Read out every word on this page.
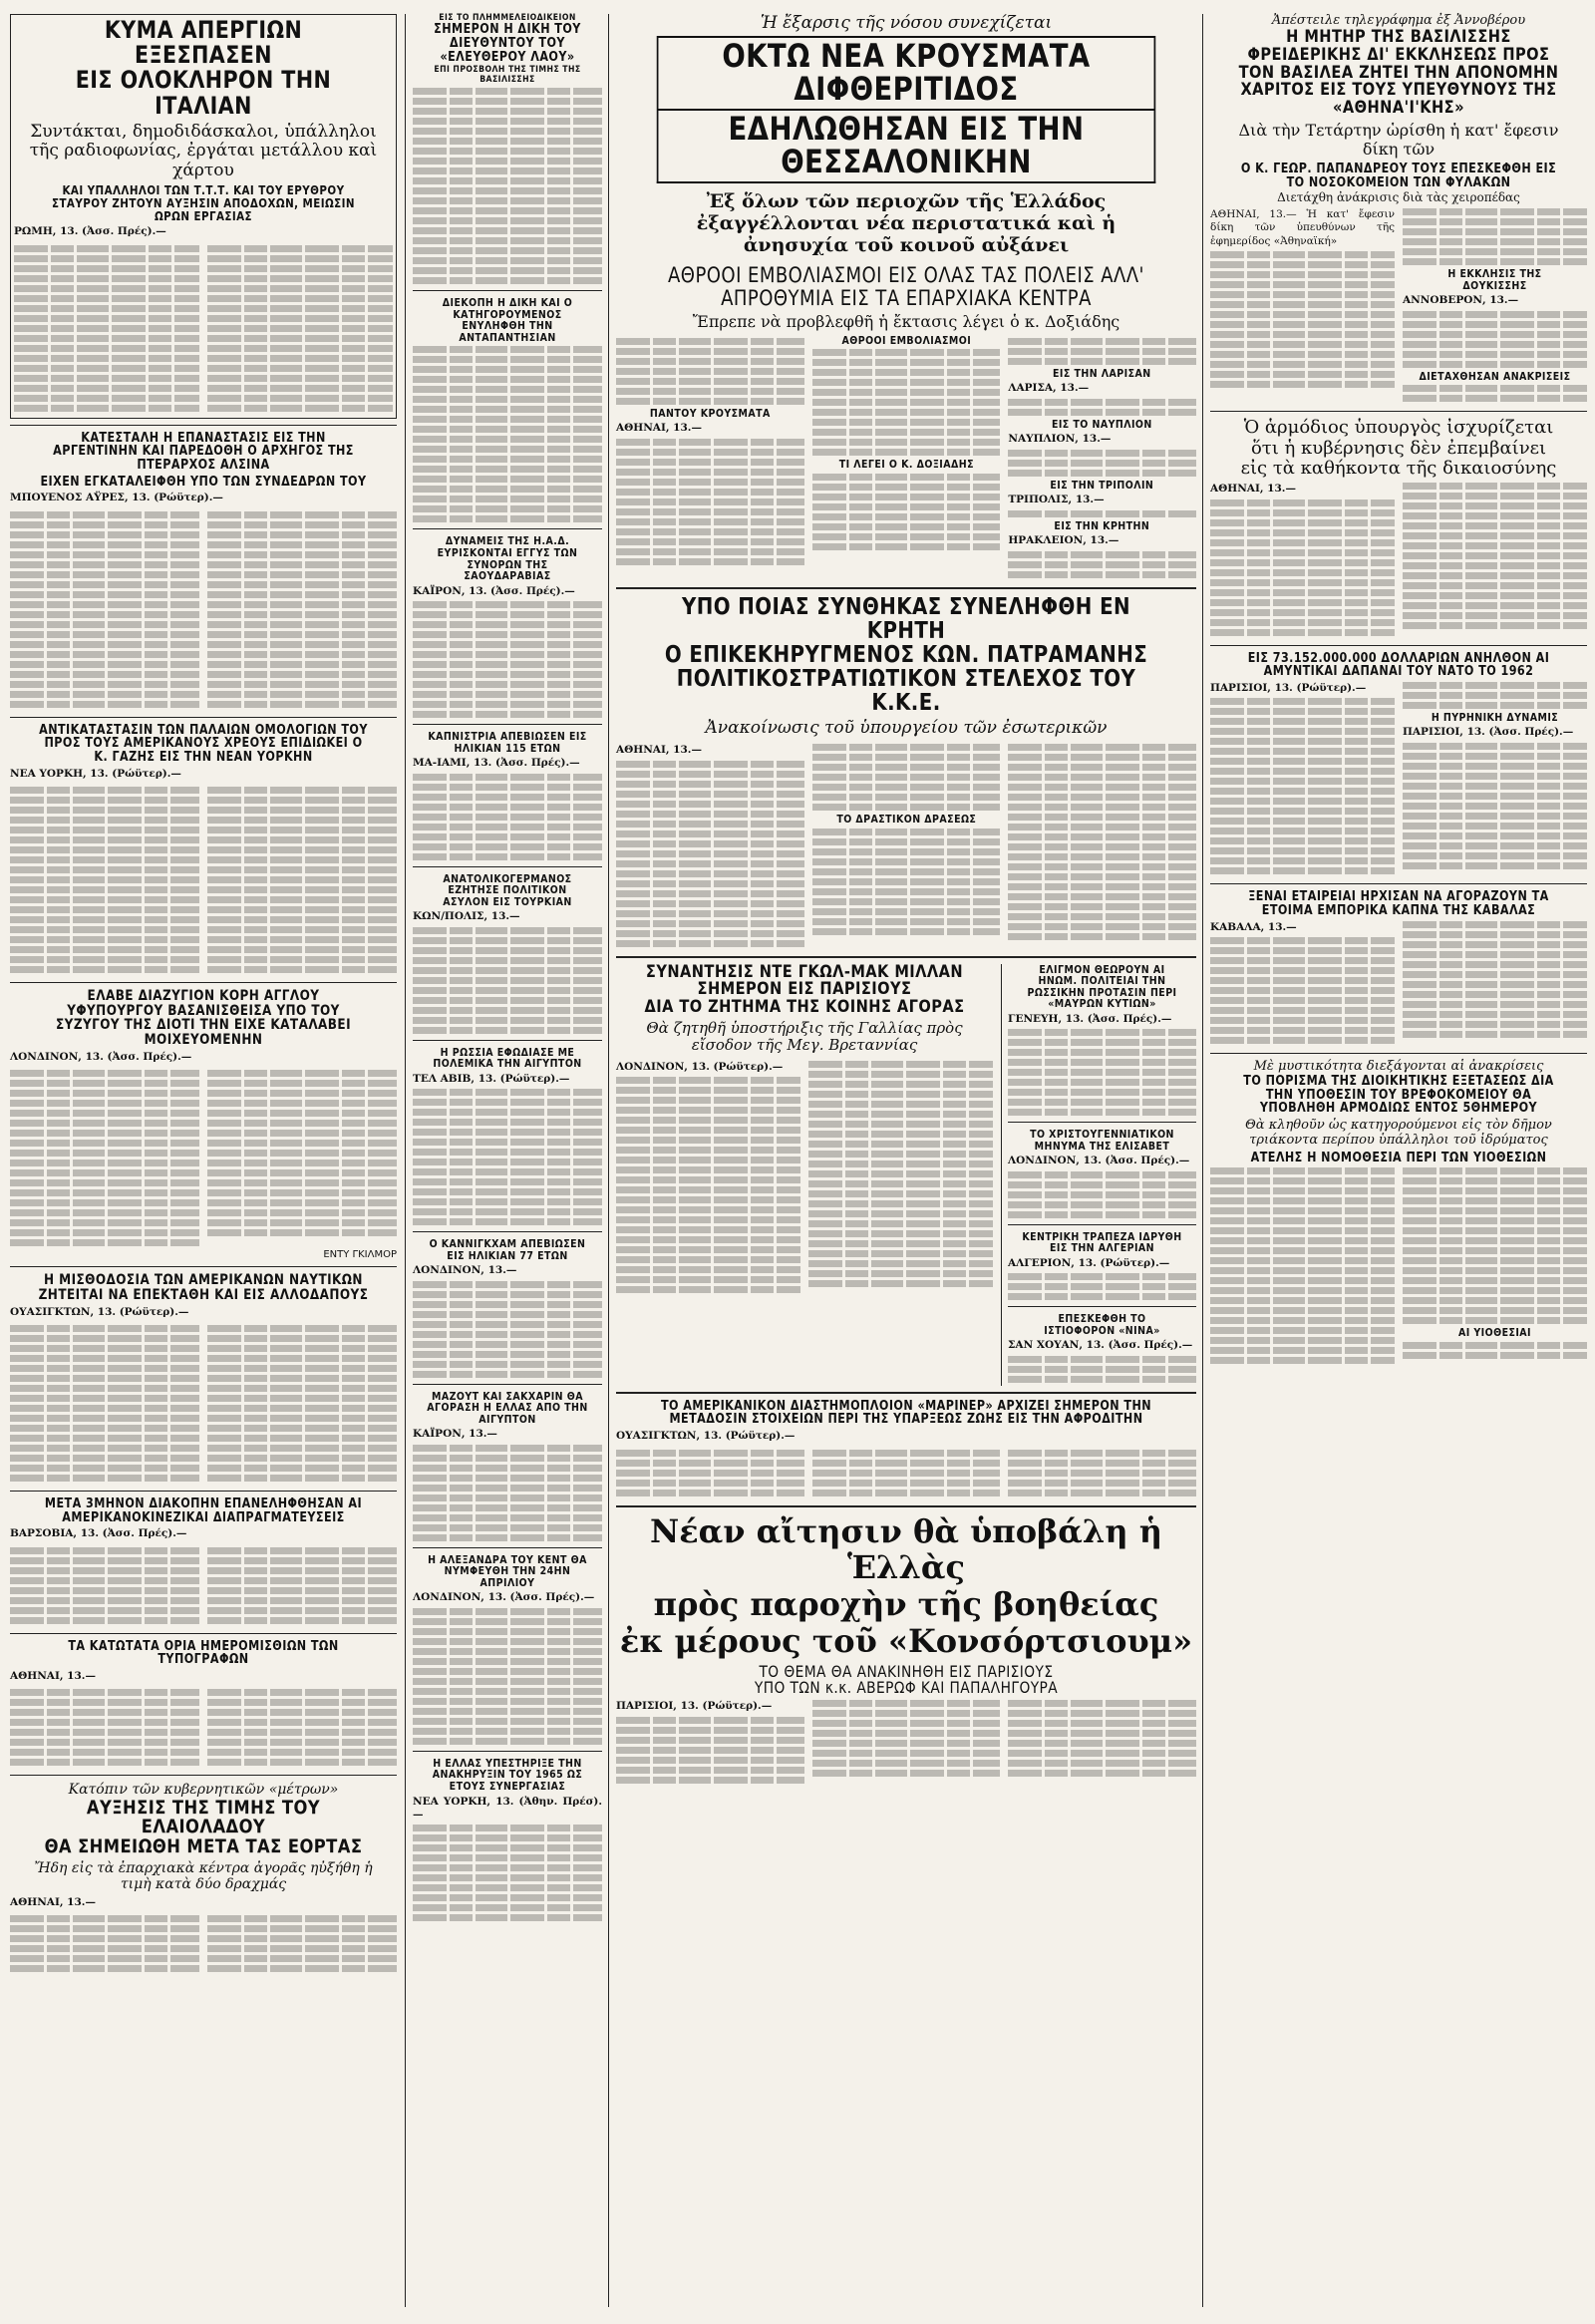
ΚΥΜΑ ΑΠΕΡΓΙΩΝ ΕΞΕΣΠΑΣΕΝ
ΕΙΣ ΟΛΟΚΛΗΡΟΝ ΤΗΝ ΙΤΑΛΙΑΝ
Συντάκται, δημοδιδάσκαλοι, ὑπάλληλοι τῆς ραδιοφωνίας, ἐργάται μετάλλου καὶ χάρτου
ΚΑΙ ΥΠΑΛΛΗΛΟΙ ΤΩΝ Τ.Τ.Τ. ΚΑΙ ΤΟΥ ΕΡΥΘΡΟΥ ΣΤΑΥΡΟΥ ΖΗΤΟΥΝ ΑΥΞΗΣΙΝ ΑΠΟΔΟΧΩΝ, ΜΕΙΩΣΙΝ ΩΡΩΝ ΕΡΓΑΣΙΑΣ
ΡΩΜΗ, 13. (Ἀσσ. Πρές).—
ΚΑΤΕΣΤΑΛΗ Η ΕΠΑΝΑΣΤΑΣΙΣ ΕΙΣ ΤΗΝ ΑΡΓΕΝΤΙΝΗΝ ΚΑΙ ΠΑΡΕΔΟΘΗ Ο ΑΡΧΗΓΟΣ ΤΗΣ ΠΤΕΡΑΡΧΟΣ ΑΛΣΙΝΑ
ΕΙΧΕΝ ΕΓΚΑΤΑΛΕΙΦΘΗ ΥΠΟ ΤΩΝ ΣΥΝΔΕΔΡΩΝ ΤΟΥ
ΜΠΟΥΕΝΟΣ ΑΫΡΕΣ, 13. (Ρώϋτερ).—
ΑΝΤΙΚΑΤΑΣΤΑΣΙΝ ΤΩΝ ΠΑΛΑΙΩΝ ΟΜΟΛΟΓΙΩΝ ΤΟΥ ΠΡΟΣ ΤΟΥΣ ΑΜΕΡΙΚΑΝΟΥΣ ΧΡΕΟΥΣ ΕΠΙΔΙΩΚΕΙ Ο Κ. ΓΑΖΗΣ ΕΙΣ ΤΗΝ ΝΕΑΝ ΥΟΡΚΗΝ
ΝΕΑ ΥΟΡΚΗ, 13. (Ρώϋτερ).—
ΕΛΑΒΕ ΔΙΑΖΥΓΙΟΝ ΚΟΡΗ ΑΓΓΛΟΥ ΥΦΥΠΟΥΡΓΟΥ ΒΑΣΑΝΙΣΘΕΙΣΑ ΥΠΟ ΤΟΥ ΣΥΖΥΓΟΥ ΤΗΣ ΔΙΟΤΙ ΤΗΝ ΕΙΧΕ ΚΑΤΑΛΑΒΕΙ ΜΟΙΧΕΥΟΜΕΝΗΝ
ΛΟΝΔΙΝΟΝ, 13. (Ἀσσ. Πρές).—
ΕΝΤΥ ΓΚΙΛΜΟΡ
Η ΜΙΣΘΟΔΟΣΙΑ ΤΩΝ ΑΜΕΡΙΚΑΝΩΝ ΝΑΥΤΙΚΩΝ ΖΗΤΕΙΤΑΙ ΝΑ ΕΠΕΚΤΑΘΗ ΚΑΙ ΕΙΣ ΑΛΛΟΔΑΠΟΥΣ
ΟΥΑΣΙΓΚΤΩΝ, 13. (Ρώϋτερ).—
ΜΕΤΑ 3ΜΗΝΟΝ ΔΙΑΚΟΠΗΝ ΕΠΑΝΕΛΗΦΘΗΣΑΝ ΑΙ ΑΜΕΡΙΚΑΝΟΚΙΝΕΖΙΚΑΙ ΔΙΑΠΡΑΓΜΑΤΕΥΣΕΙΣ
ΒΑΡΣΟΒΙΑ, 13. (Ἀσσ. Πρές).—
ΤΑ ΚΑΤΩΤΑΤΑ ΟΡΙΑ ΗΜΕΡΟΜΙΣΘΙΩΝ ΤΩΝ ΤΥΠΟΓΡΑΦΩΝ
ΑΘΗΝΑΙ, 13.—
Κατόπιν τῶν κυβερνητικῶν «μέτρων»
ΑΥΞΗΣΙΣ ΤΗΣ ΤΙΜΗΣ ΤΟΥ ΕΛΑΙΟΛΑΔΟΥ
ΘΑ ΣΗΜΕΙΩΘΗ ΜΕΤΑ ΤΑΣ ΕΟΡΤΑΣ
Ἤδη εἰς τὰ ἐπαρχιακὰ κέντρα ἀγορᾶς ηὐξήθη ἡ τιμὴ κατὰ δύο δραχμάς
ΑΘΗΝΑΙ, 13.—
ΕΙΣ ΤΟ ΠΛΗΜΜΕΛΕΙΟΔΙΚΕΙΟΝ
ΣΗΜΕΡΟΝ Η ΔΙΚΗ ΤΟΥ ΔΙΕΥΘΥΝΤΟΥ ΤΟΥ «ΕΛΕΥΘΕΡΟΥ ΛΑΟΥ»
ΕΠΙ ΠΡΟΣΒΟΛΗ ΤΗΣ ΤΙΜΗΣ ΤΗΣ ΒΑΣΙΛΙΣΣΗΣ
ΔΙΕΚΟΠΗ Η ΔΙΚΗ ΚΑΙ Ο ΚΑΤΗΓΟΡΟΥΜΕΝΟΣ ΕΝΥΛΗΦΘΗ ΤΗΝ ΑΝΤΑΠΑΝΤΗΣΙΑΝ
ΔΥΝΑΜΕΙΣ ΤΗΣ Η.Α.Δ. ΕΥΡΙΣΚΟΝΤΑΙ ΕΓΓΥΣ ΤΩΝ ΣΥΝΟΡΩΝ ΤΗΣ ΣΑΟΥΔΑΡΑΒΙΑΣ
ΚΑΪΡΟΝ, 13. (Ἀσσ. Πρές).—
ΚΑΠΝΙΣΤΡΙΑ ΑΠΕΒΙΩΣΕΝ ΕΙΣ ΗΛΙΚΙΑΝ 115 ΕΤΩΝ
ΜΑ-ΙΑΜΙ, 13. (Ἀσσ. Πρές).—
ΑΝΑΤΟΛΙΚΟΓΕΡΜΑΝΟΣ ΕΖΗΤΗΣΕ ΠΟΛΙΤΙΚΟΝ ΑΣΥΛΟΝ ΕΙΣ ΤΟΥΡΚΙΑΝ
ΚΩΝ/ΠΟΛΙΣ, 13.—
Η ΡΩΣΣΙΑ ΕΦΩΔΙΑΣΕ ΜΕ ΠΟΛΕΜΙΚΑ ΤΗΝ ΑΙΓΥΠΤΟΝ
ΤΕΛ ΑΒΙΒ, 13. (Ρώϋτερ).—
Ο ΚΑΝΝΙΓΚΧΑΜ ΑΠΕΒΙΩΣΕΝ ΕΙΣ ΗΛΙΚΙΑΝ 77 ΕΤΩΝ
ΛΟΝΔΙΝΟΝ, 13.—
ΜΑΖΟΥΤ ΚΑΙ ΣΑΚΧΑΡΙΝ ΘΑ ΑΓΟΡΑΣΗ Η ΕΛΛΑΣ ΑΠΟ ΤΗΝ ΑΙΓΥΠΤΟΝ
ΚΑΪΡΟΝ, 13.—
Η ΑΛΕΞΑΝΔΡΑ ΤΟΥ ΚΕΝΤ ΘΑ ΝΥΜΦΕΥΘΗ ΤΗΝ 24ΗΝ ΑΠΡΙΛΙΟΥ
ΛΟΝΔΙΝΟΝ, 13. (Ἀσσ. Πρές).—
Η ΕΛΛΑΣ ΥΠΕΣΤΗΡΙΞΕ ΤΗΝ ΑΝΑΚΗΡΥΞΙΝ ΤΟΥ 1965 ΩΣ ΕΤΟΥΣ ΣΥΝΕΡΓΑΣΙΑΣ
ΝΕΑ ΥΟΡΚΗ, 13. (Ἀθην. Πρέσ).—
Ἡ ἔξαρσις τῆς νόσου συνεχίζεται
ΟΚΤΩ ΝΕΑ ΚΡΟΥΣΜΑΤΑ ΔΙΦΘΕΡΙΤΙΔΟΣ
ΕΔΗΛΩΘΗΣΑΝ ΕΙΣ ΤΗΝ ΘΕΣΣΑΛΟΝΙΚΗΝ
Ἐξ ὅλων τῶν περιοχῶν τῆς Ἑλλάδος ἐξαγγέλλονται νέα περιστατικά καὶ ἡ ἀνησυχία τοῦ κοινοῦ αὐξάνει
ΑΘΡΟΟΙ ΕΜΒΟΛΙΑΣΜΟΙ ΕΙΣ ΟΛΑΣ ΤΑΣ ΠΟΛΕΙΣ ΑΛΛ' ΑΠΡΟΘΥΜΙΑ ΕΙΣ ΤΑ ΕΠΑΡΧΙΑΚΑ ΚΕΝΤΡΑ
Ἔπρεπε νὰ προβλεφθῆ ἡ ἔκτασις λέγει ὁ κ. Δοξιάδης
ΠΑΝΤΟΥ ΚΡΟΥΣΜΑΤΑ
ΑΘΗΝΑΙ, 13.—
ΑΘΡΟΟΙ ΕΜΒΟΛΙΑΣΜΟΙ
ΤΙ ΛΕΓΕΙ Ο Κ. ΔΟΞΙΑΔΗΣ
ΕΙΣ ΤΗΝ ΛΑΡΙΣΑΝ
ΛΑΡΙΣΑ, 13.—
ΕΙΣ ΤΟ ΝΑΥΠΛΙΟΝ
ΝΑΥΠΛΙΟΝ, 13.—
ΕΙΣ ΤΗΝ ΤΡΙΠΟΛΙΝ
ΤΡΙΠΟΛΙΣ, 13.—
ΕΙΣ ΤΗΝ ΚΡΗΤΗΝ
ΗΡΑΚΛΕΙΟΝ, 13.—
ΥΠΟ ΠΟΙΑΣ ΣΥΝΘΗΚΑΣ ΣΥΝΕΛΗΦΘΗ ΕΝ ΚΡΗΤΗ
Ο ΕΠΙΚΕΚΗΡΥΓΜΕΝΟΣ ΚΩΝ. ΠΑΤΡΑΜΑΝΗΣ
ΠΟΛΙΤΙΚΟΣΤΡΑΤΙΩΤΙΚΟΝ ΣΤΕΛΕΧΟΣ ΤΟΥ Κ.Κ.Ε.
Ἀνακοίνωσις τοῦ ὑπουργείου τῶν ἐσωτερικῶν
ΑΘΗΝΑΙ, 13.—
ΤΟ ΔΡΑΣΤΙΚΟΝ ΔΡΑΣΕΩΣ
ΣΥΝΑΝΤΗΣΙΣ ΝΤΕ ΓΚΩΛ-ΜΑΚ ΜΙΛΛΑΝ ΣΗΜΕΡΟΝ ΕΙΣ ΠΑΡΙΣΙΟΥΣ
ΔΙΑ ΤΟ ΖΗΤΗΜΑ ΤΗΣ ΚΟΙΝΗΣ ΑΓΟΡΑΣ
Θὰ ζητηθῆ ὑποστήριξις τῆς Γαλλίας πρὸς εἴσοδον τῆς Μεγ. Βρεταννίας
ΛΟΝΔΙΝΟΝ, 13. (Ρώϋτερ).—
ΕΛΙΓΜΟΝ ΘΕΩΡΟΥΝ ΑΙ ΗΝΩΜ. ΠΟΛΙΤΕΙΑΙ ΤΗΝ ΡΩΣΣΙΚΗΝ ΠΡΟΤΑΣΙΝ ΠΕΡΙ «ΜΑΥΡΩΝ ΚΥΤΙΩΝ»
ΓΕΝΕΥΗ, 13. (Ἀσσ. Πρές).—
ΤΟ ΧΡΙΣΤΟΥΓΕΝΝΙΑΤΙΚΟΝ ΜΗΝΥΜΑ ΤΗΣ ΕΛΙΣΑΒΕΤ
ΛΟΝΔΙΝΟΝ, 13. (Ἀσσ. Πρές).—
ΚΕΝΤΡΙΚΗ ΤΡΑΠΕΖΑ ΙΔΡΥΘΗ ΕΙΣ ΤΗΝ ΑΛΓΕΡΙΑΝ
ΑΛΓΕΡΙΟΝ, 13. (Ρώϋτερ).—
ΕΠΕΣΚΕΦΘΗ ΤΟ ΙΣΤΙΟΦΟΡΟΝ «ΝΙΝΑ»
ΣΑΝ ΧΟΥΑΝ, 13. (Ἀσσ. Πρές).—
ΤΟ ΑΜΕΡΙΚΑΝΙΚΟΝ ΔΙΑΣΤΗΜΟΠΛΟΙΟΝ «ΜΑΡΙΝΕΡ» ΑΡΧΙΖΕΙ ΣΗΜΕΡΟΝ ΤΗΝ ΜΕΤΑΔΟΣΙΝ ΣΤΟΙΧΕΙΩΝ ΠΕΡΙ ΤΗΣ ΥΠΑΡΞΕΩΣ ΖΩΗΣ ΕΙΣ ΤΗΝ ΑΦΡΟΔΙΤΗΝ
ΟΥΑΣΙΓΚΤΩΝ, 13. (Ρώϋτερ).—
Νέαν αἴτησιν θὰ ὑποβάλη ἡ Ἑλλὰς
πρὸς παροχὴν τῆς βοηθείας
ἐκ μέρους τοῦ «Κονσόρτσιουμ»
ΤΟ ΘΕΜΑ ΘΑ ΑΝΑΚΙΝΗΘΗ ΕΙΣ ΠΑΡΙΣΙΟΥΣ
ΥΠΟ ΤΩΝ κ.κ. ΑΒΕΡΩΦ ΚΑΙ ΠΑΠΑΛΗΓΟΥΡΑ
ΠΑΡΙΣΙΟΙ, 13. (Ρώϋτερ).—
Ἀπέστειλε τηλεγράφημα ἐξ Ἀννοβέρου
Η ΜΗΤΗΡ ΤΗΣ ΒΑΣΙΛΙΣΣΗΣ ΦΡΕΙΔΕΡΙΚΗΣ ΔΙ' ΕΚΚΛΗΣΕΩΣ ΠΡΟΣ ΤΟΝ ΒΑΣΙΛΕΑ ΖΗΤΕΙ ΤΗΝ ΑΠΟΝΟΜΗΝ ΧΑΡΙΤΟΣ ΕΙΣ ΤΟΥΣ ΥΠΕΥΘΥΝΟΥΣ ΤΗΣ «ΑΘΗΝΑ'Ι'ΚΗΣ»
Διὰ τὴν Τετάρτην ὡρίσθη ἡ κατ' ἔφεσιν δίκη τῶν
Ο Κ. ΓΕΩΡ. ΠΑΠΑΝΔΡΕΟΥ ΤΟΥΣ ΕΠΕΣΚΕΦΘΗ ΕΙΣ ΤΟ ΝΟΣΟΚΟΜΕΙΟΝ ΤΩΝ ΦΥΛΑΚΩΝ
Διετάχθη ἀνάκρισις διὰ τὰς χειροπέδας
ΑΘΗΝΑΙ, 13.— Ἡ κατ' ἔφεσιν δίκη τῶν ὑπευθύνων τῆς ἐφημερίδος «Ἀθηναϊκή»
Η ΕΚΚΛΗΣΙΣ ΤΗΣ ΔΟΥΚΙΣΣΗΣ
ΑΝΝΟΒΕΡΟΝ, 13.—
ΔΙΕΤΑΧΘΗΣΑΝ ΑΝΑΚΡΙΣΕΙΣ
Ὁ ἁρμόδιος ὑπουργὸς ἰσχυρίζεται
ὅτι ἡ κυβέρνησις δὲν ἐπεμβαίνει
εἰς τὰ καθήκοντα τῆς δικαιοσύνης
ΑΘΗΝΑΙ, 13.—
ΕΙΣ 73.152.000.000 ΔΟΛΛΑΡΙΩΝ ΑΝΗΛΘΟΝ ΑΙ ΑΜΥΝΤΙΚΑΙ ΔΑΠΑΝΑΙ ΤΟΥ ΝΑΤΟ ΤΟ 1962
ΠΑΡΙΣΙΟΙ, 13. (Ρώϋτερ).—
Η ΠΥΡΗΝΙΚΗ ΔΥΝΑΜΙΣ
ΠΑΡΙΣΙΟΙ, 13. (Ἀσσ. Πρές).—
ΞΕΝΑΙ ΕΤΑΙΡΕΙΑΙ ΗΡΧΙΣΑΝ ΝΑ ΑΓΟΡΑΖΟΥΝ ΤΑ ΕΤΟΙΜΑ ΕΜΠΟΡΙΚΑ ΚΑΠΝΑ ΤΗΣ ΚΑΒΑΛΑΣ
ΚΑΒΑΛΑ, 13.—
Μὲ μυστικότητα διεξάγονται αἱ ἀνακρίσεις
ΤΟ ΠΟΡΙΣΜΑ ΤΗΣ ΔΙΟΙΚΗΤΙΚΗΣ ΕΞΕΤΑΣΕΩΣ ΔΙΑ ΤΗΝ ΥΠΟΘΕΣΙΝ ΤΟΥ ΒΡΕΦΟΚΟΜΕΙΟΥ ΘΑ ΥΠΟΒΛΗΘΗ ΑΡΜΟΔΙΩΣ ΕΝΤΟΣ 5ΘΗΜΕΡΟΥ
Θὰ κληθοῦν ὡς κατηγορούμενοι εἰς τὸν δῆμον τριάκοντα περίπου ὑπάλληλοι τοῦ ἱδρύματος
ΑΤΕΛΗΣ Η ΝΟΜΟΘΕΣΙΑ ΠΕΡΙ ΤΩΝ ΥΙΟΘΕΣΙΩΝ
ΑΙ ΥΙΟΘΕΣΙΑΙ
